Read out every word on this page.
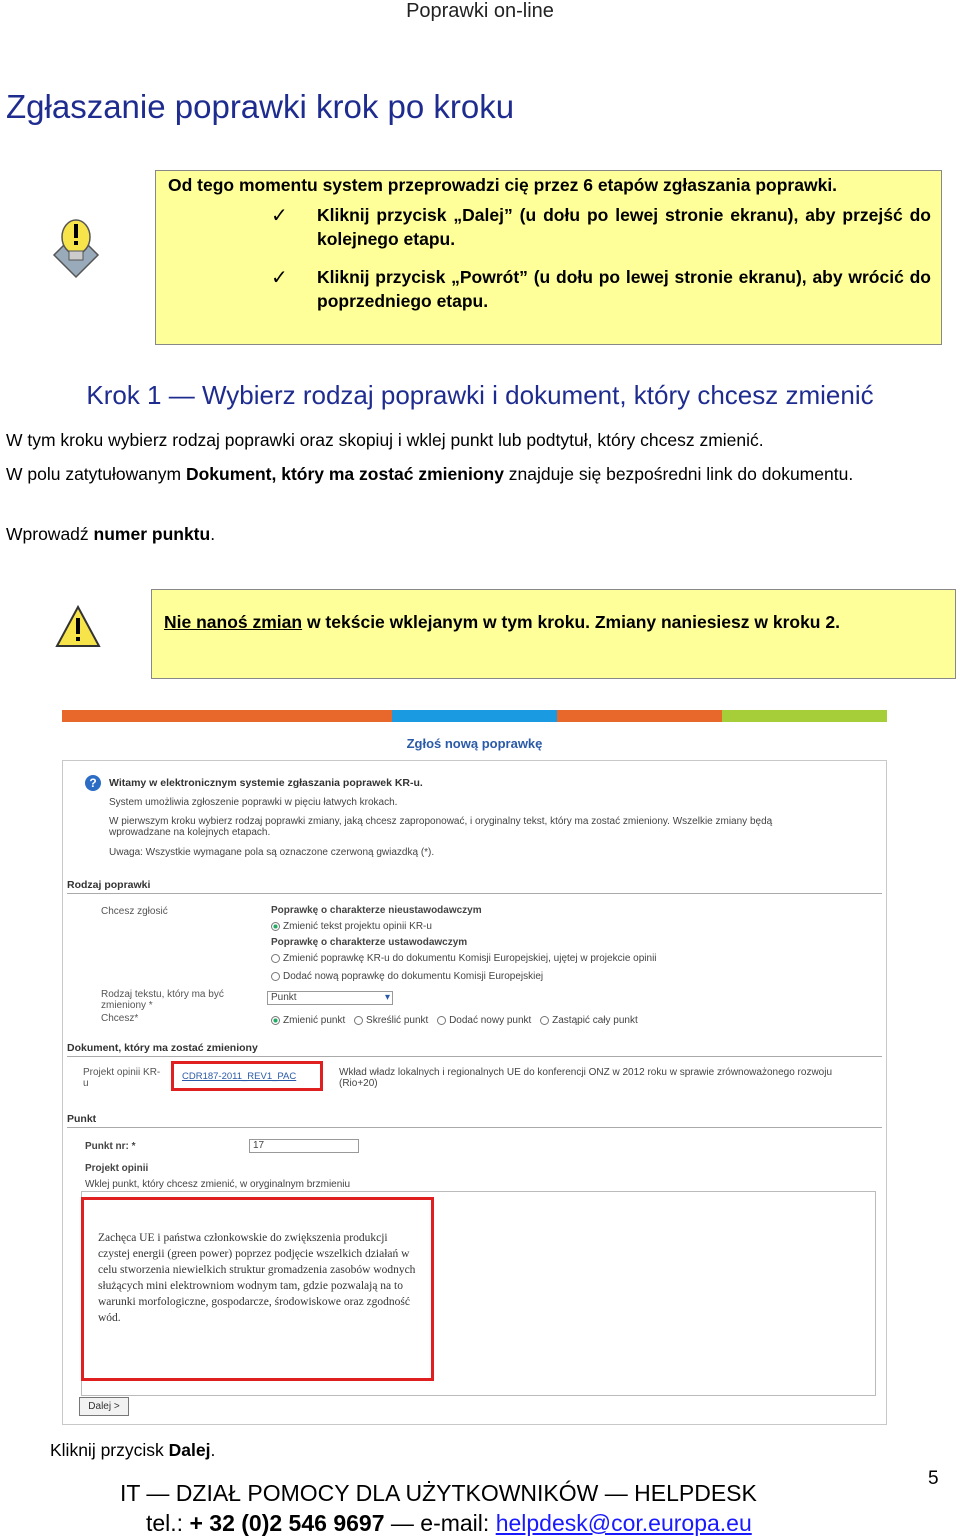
Poprawki on-line
Zgłaszanie poprawki krok po kroku

Od tego momentu system przeprowadzi cię przez 6 etapów zgłaszania poprawki.

✓	Kliknij przycisk „Dalej” (u dołu po lewej stronie ekranu), aby przejść do kolejnego etapu.

✓	Kliknij przycisk „Powrót” (u dołu po lewej stronie ekranu), aby wrócić do poprzedniego etapu.

Krok 1 — Wybierz rodzaj poprawki i dokument, który chcesz zmienić
W tym kroku wybierz rodzaj poprawki oraz skopiuj i wklej punkt lub podtytuł, który chcesz zmienić.
W polu zatytułowanym Dokument, który ma zostać zmieniony znajduje się bezpośredni link do dokumentu.
Wprowadź numer punktu.

Nie nanoś zmian w tekście wklejanym w tym kroku. Zmiany naniesiesz w kroku 2.

Zgłoś nową poprawkę
?	Witamy w elektronicznym systemie zgłaszania poprawek KR-u.
System umożliwia zgłoszenie poprawki w pięciu łatwych krokach.
W pierwszym kroku wybierz rodzaj poprawki zmiany, jaką chcesz zaproponować, i oryginalny tekst, który ma zostać zmieniony. Wszelkie zmiany będą wprowadzane na kolejnych etapach.
Uwaga: Wszystkie wymagane pola są oznaczone czerwoną gwiazdką (*).
Rodzaj poprawki
Chcesz zgłosić	Poprawkę o charakterze nieustawodawczym
Zmienić tekst projektu opinii KR-u
Poprawkę o charakterze ustawodawczym
Zmienić poprawkę KR-u do dokumentu Komisji Europejskiej, ujętej w projekcie opinii
Dodać nową poprawkę do dokumentu Komisji Europejskiej
Rodzaj tekstu, który ma być zmieniony *
Punkt	▾
Chcesz*	Zmienić punkt Skreślić punkt Dodać nowy punkt Zastąpić cały punkt
Dokument, który ma zostać zmieniony
Projekt opinii KR-u
CDR187-2011_REV1_PAC	Wkład władz lokalnych i regionalnych UE do konferencji ONZ w 2012 roku w sprawie zrównoważonego rozwoju (Rio+20)
Punkt
Punkt nr: *	17
Projekt opinii
Wklej punkt, który chcesz zmienić, w oryginalnym brzmieniu
Zachęca UE i państwa członkowskie do zwiększenia produkcji czystej energii (green power) poprzez podjęcie wszelkich działań w celu stworzenia niewielkich struktur gromadzenia zasobów wodnych służących mini elektrowniom wodnym tam, gdzie pozwalają na to warunki morfologiczne, gospodarcze, środowiskowe oraz zgodność wód.
Dalej >
Kliknij przycisk Dalej.
5
IT — DZIAŁ POMOCY DLA UŻYTKOWNIKÓW — HELPDESK
tel.: + 32 (0)2 546 9697 — e-mail: helpdesk@cor.europa.eu
